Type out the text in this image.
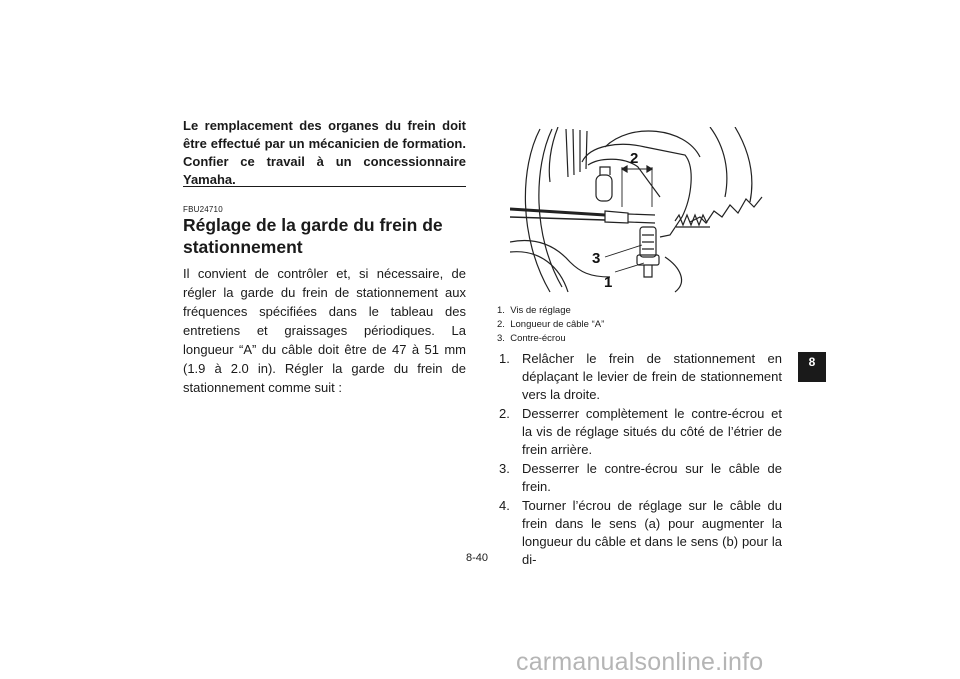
Le remplacement des organes du frein doit être effectué par un mécanicien de formation. Confier ce travail à un concessionnaire Yamaha.
FBU24710
Réglage de la garde du frein de stationnement
Il convient de contrôler et, si nécessaire, de régler la garde du frein de stationnement aux fréquences spécifiées dans le tableau des entretiens et graissages périodiques. La longueur “A” du câble doit être de 47 à 51 mm (1.9 à 2.0 in). Régler la garde du frein de stationnement comme suit :
2
3
1
1. Vis de réglage
2. Longueur de câble “A”
3. Contre-écrou
1. Relâcher le frein de stationnement en déplaçant le levier de frein de stationnement vers la droite.
2. Desserrer complètement le contre-écrou et la vis de réglage situés du côté de l’étrier de frein arrière.
3. Desserrer le contre-écrou sur le câble de frein.
4. Tourner l’écrou de réglage sur le câble du frein dans le sens (a) pour augmenter la longueur du câble et dans le sens (b) pour la di-
8
8-40
carmanualsonline.info
